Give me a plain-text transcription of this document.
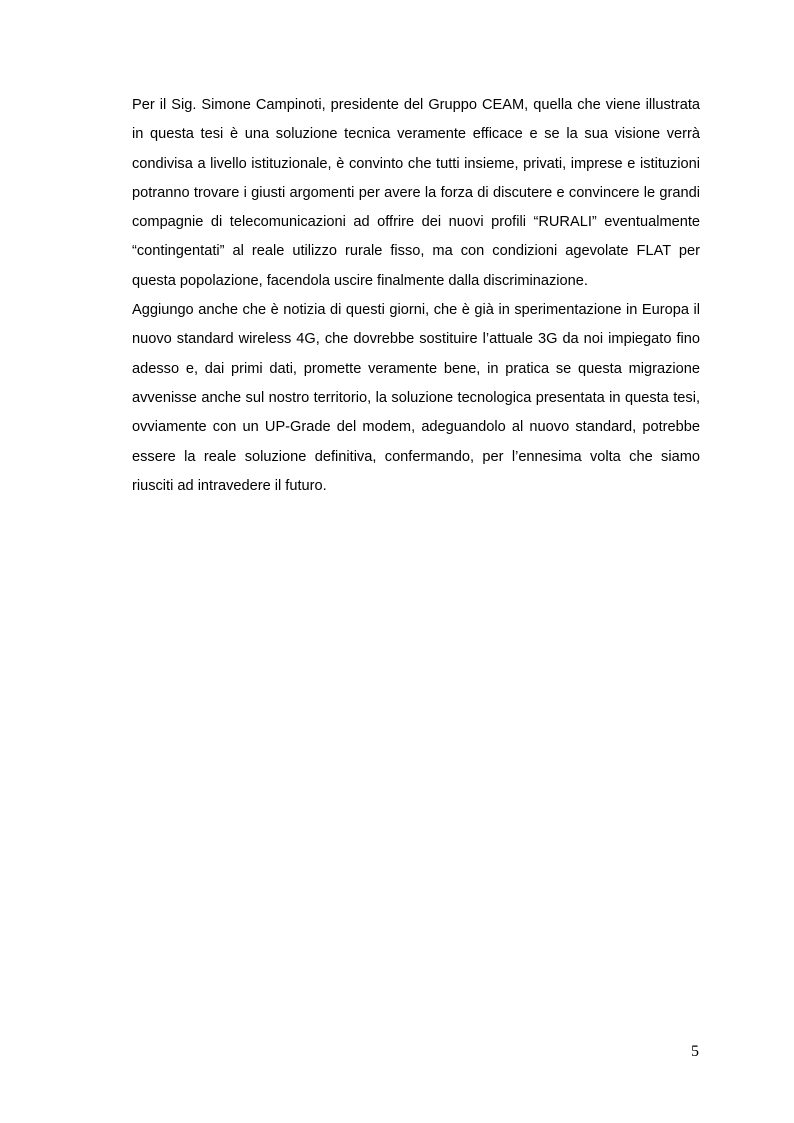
Per il Sig. Simone Campinoti, presidente del Gruppo CEAM, quella che viene illustrata in questa tesi è una soluzione tecnica veramente efficace e se la sua visione verrà condivisa a livello istituzionale, è convinto che tutti insieme, privati, imprese e istituzioni potranno trovare i giusti argomenti per avere la forza di discutere e convincere le grandi compagnie di telecomunicazioni ad offrire dei nuovi profili “RURALI” eventualmente “contingentati” al reale utilizzo rurale fisso, ma con condizioni agevolate FLAT per questa popolazione, facendola uscire finalmente dalla discriminazione.

Aggiungo anche che è notizia di questi giorni, che è già in sperimentazione in Europa il nuovo standard wireless 4G, che dovrebbe sostituire l’attuale 3G da noi impiegato fino adesso e, dai primi dati, promette veramente bene, in pratica se questa migrazione avvenisse anche sul nostro territorio, la soluzione tecnologica presentata in questa tesi, ovviamente con un UP-Grade del modem, adeguandolo al nuovo standard, potrebbe essere la reale soluzione definitiva, confermando, per l’ennesima volta che siamo riusciti ad intravedere il futuro.

5
